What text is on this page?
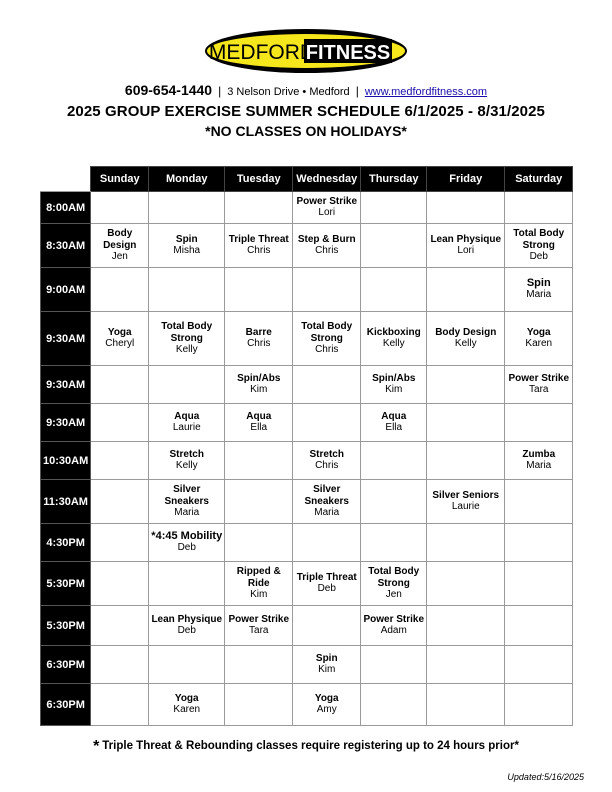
MEDFORD
FITNESS
609-654-1440 | 3 Nelson Drive • Medford | www.medfordfitness.com
2025 GROUP EXERCISE SUMMER SCHEDULE 6/1/2025 - 8/31/2025
*NO CLASSES ON HOLIDAYS*
	Sunday	Monday	Tuesday	Wednesday	Thursday	Friday	Saturday
8:00AM				Power Strike
Lori			

8:30AM	Body Design
Jen	Spin
Misha	Triple Threat
Chris	Step & Burn
Chris		Lean Physique
Lori	Total Body Strong
Deb

9:00AM							Spin
Maria

9:30AM	Yoga
Cheryl	Total Body Strong
Kelly	Barre
Chris	Total Body Strong
Chris	Kickboxing
Kelly	Body Design
Kelly	Yoga
Karen

9:30AM			Spin/Abs
Kim		Spin/Abs
Kim		Power Strike
Tara

9:30AM		Aqua
Laurie	Aqua
Ella		Aqua
Ella		

10:30AM		Stretch
Kelly		Stretch
Chris			Zumba
Maria

11:30AM		Silver Sneakers
Maria		Silver Sneakers
Maria		Silver Seniors
Laurie	

4:30PM		*4:45 Mobility
Deb					

5:30PM			Ripped & Ride
Kim	Triple Threat
Deb	Total Body Strong
Jen		

5:30PM		Lean Physique
Deb	Power Strike
Tara		Power Strike
Adam		

6:30PM				Spin
Kim			

6:30PM		Yoga
Karen		Yoga
Amy			

* Triple Threat & Rebounding classes require registering up to 24 hours prior*
Updated:5/16/2025
